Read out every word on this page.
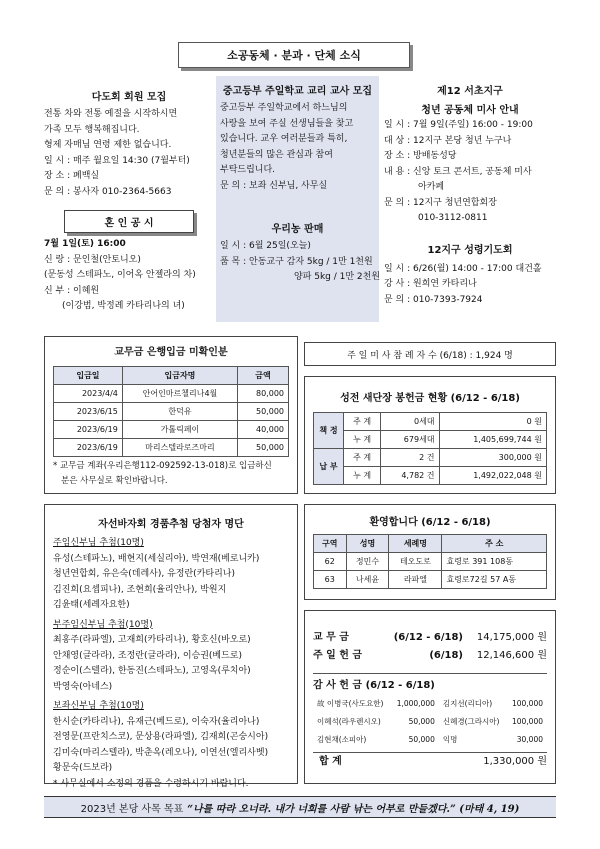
소공동체 · 분과 · 단체 소식
다도회 회원 모집
전통 차와 전통 예절을 시작하시면
가족 모두 행복해집니다.
형제 자매님 연령 제한 없습니다.
일 시 : 매주 월요일 14:30 (7월부터)
장 소 : 폐백실
문 의 : 봉사자 010-2364-5663
혼 인 공 시
7월 1일(토) 16:00
신 랑 : 문인철(안토니오)
(문동성 스테파노, 이어옥 안젤라의 차)
신 부 : 이혜원
(이강범, 박정례 카타리나의 녀)
중고등부 주일학교 교리 교사 모집
중고등부 주일학교에서 하느님의
사랑을 보여 주실 선생님들을 찾고
있습니다. 교우 여러분들과 특히,
청년분들의 많은 관심과 참여
부탁드립니다.
문 의 : 보좌 신부님, 사무실
우리농 판매
일 시 : 6월 25일(오늘)
품 목 : 안동교구 감자 5kg / 1만 1천원
양파 5kg / 1만 2천원
제12 서초지구
청년 공동체 미사 안내
일 시 : 7월 9일(주일) 16:00 - 19:00
대 상 : 12지구 본당 청년 누구나
장 소 : 방배동성당
내 용 : 신앙 토크 콘서트, 공동체 미사
아카페
문 의 : 12지구 청년연합회장
010-3112-0811
12지구 성령기도회
일 시 : 6/26(월) 14:00 - 17:00 대건홀
강 사 : 원희연 카타리나
문 의 : 010-7393-7924
교무금 은행입금 미확인분
입금일	입금자명	금액
2023/4/4	안어인마르첼리나4월	80,000
2023/6/15	한덕유	50,000
2023/6/19	가톨릭페이	40,000
2023/6/19	마리스텔라로즈마리	50,000
* 교무금 계좌(우리은행112-092592-13-018)로 입금하신
분은 사무실로 확인바랍니다.
주 일 미 사 참 례 자 수 (6/18) : 1,924 명
성전 새단장 봉헌금 현황 (6/12 - 6/18)
책 정	주 계	0세대	0 원
	누 계	679세대	1,405,699,744 원
납 부	주 계	2 건	300,000 원
	누 계	4,782 건	1,492,022,048 원
자선바자회 경품추첨 당첨자 명단
주임신부님 추첨(10명)
유성(스테파노), 배현지(세실리아), 박연재(베로니카)
청년연합회, 유은숙(데레사), 유정란(카타리나)
김진희(요셉피나), 조현희(율리안나), 박원지
김윤태(세례자요한)
부주임신부님 추첨(10명)
최홍주(라파엘), 고재희(카타리나), 황호신(바오로)
안채영(글라라), 조정란(글라라), 이승권(베드로)
정순이(스텔라), 한동진(스테파노), 고영옥(루치아)
박영숙(아네스)
보좌신부님 추첨(10명)
한시순(카타리나), 유재근(베드로), 이숙자(율리아나)
전영문(프란치스코), 문상용(라파엘), 김재희(곤숭시아)
김미숙(마리스텔라), 박춘옥(레오나), 이연선(엘리사벳)
황문숙(드보라)
* 사무실에서 소정의 경품을 수령하시기 바랍니다.
환영합니다 (6/12 - 6/18)
구역	성명	세례명	주 소
62	정민수	테오도로	효령로 391 108동
63	나세윤	라파엘	효령로72길 57 A동
교 무 금	(6/12 - 6/18)	14,175,000 원
주 일 헌 금	(6/18)	12,146,600 원
감 사 헌 금 (6/12 - 6/18)
故 이병국(사도요한)	1,000,000	김지선(리디아)	100,000
이혜석(라우렌시오)	50,000	신혜경(그라시아)	100,000
김현채(소피아)	50,000	익명	30,000
합 계	1,330,000 원
2023년 본당 사목 목표 “나를 따라 오너라. 내가 너희를 사람 낚는 어부로 만들겠다.” (마태 4, 19)
